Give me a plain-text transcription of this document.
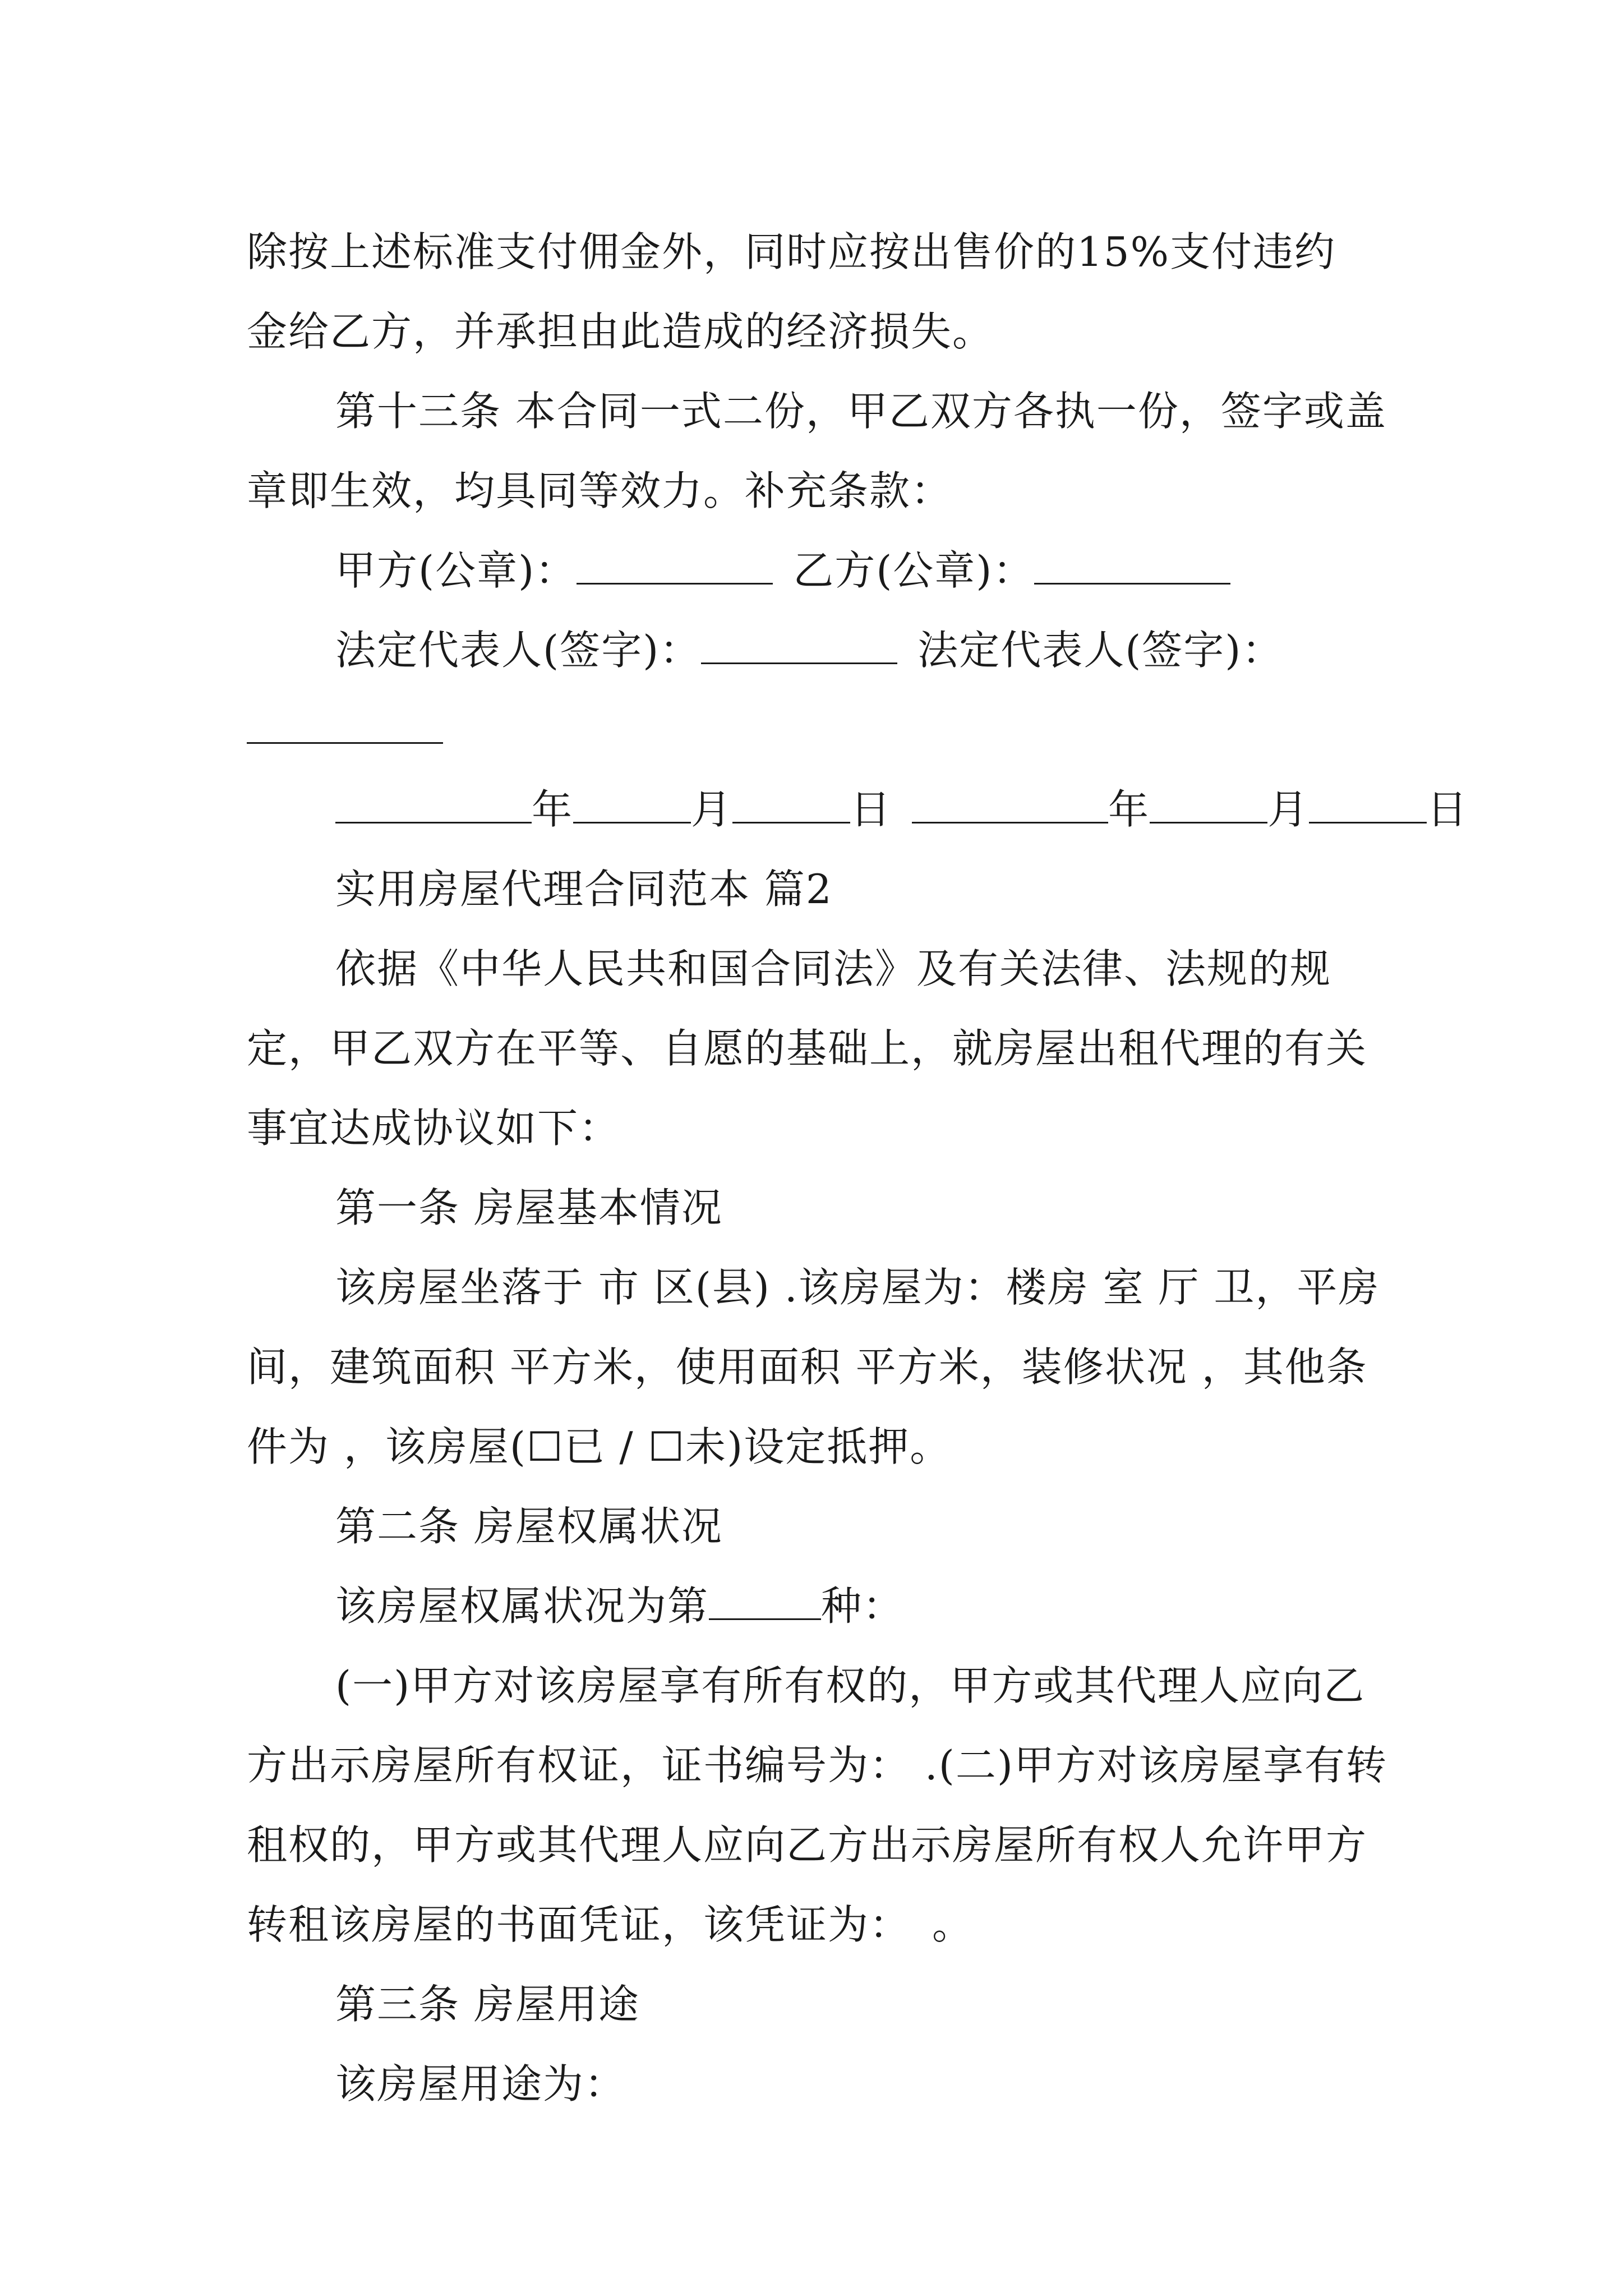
除按上述标准支付佣金外，同时应按出售价的15%支付违约

金给乙方，并承担由此造成的经济损失。

第十三条 本合同一式二份，甲乙双方各执一份，签字或盖章即生效，均具同等效力。补充条款：

甲方(公章)：	乙方(公章)：

法定代表人(签字)：	法定代表人(签字)：

年	月	日	年	月	日

实用房屋代理合同范本 篇2

依据《中华人民共和国合同法》及有关法律、法规的规定，甲乙双方在平等、自愿的基础上，就房屋出租代理的有关事宜达成协议如下：

第一条 房屋基本情况

该房屋坐落于 市 区(县) .该房屋为：楼房 室 厅 卫，平房 间，建筑面积 平方米，使用面积 平方米，装修状况 ，其他条件为 ，该房屋(☐已 / ☐未)设定抵押。

第二条 房屋权属状况

该房屋权属状况为第	种：

(一)甲方对该房屋享有所有权的，甲方或其代理人应向乙方出示房屋所有权证，证书编号为： .(二)甲方对该房屋享有转租权的，甲方或其代理人应向乙方出示房屋所有权人允许甲方转租该房屋的书面凭证，该凭证为：　。

第三条 房屋用途

该房屋用途为：
